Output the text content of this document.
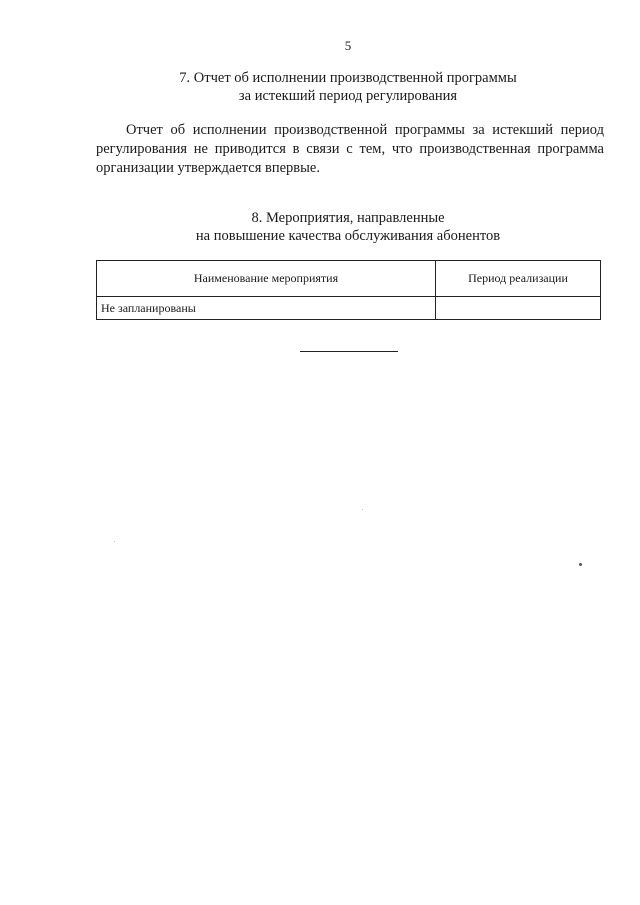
5
7. Отчет об исполнении производственной программы
за истекший период регулирования
Отчет об исполнении производственной программы за истекший период регулирования не приводится в связи с тем, что производственная программа организации утверждается впервые.
8. Мероприятия, направленные
на повышение качества обслуживания абонентов
Наименование мероприятия	Период реализации
Не запланированы	
